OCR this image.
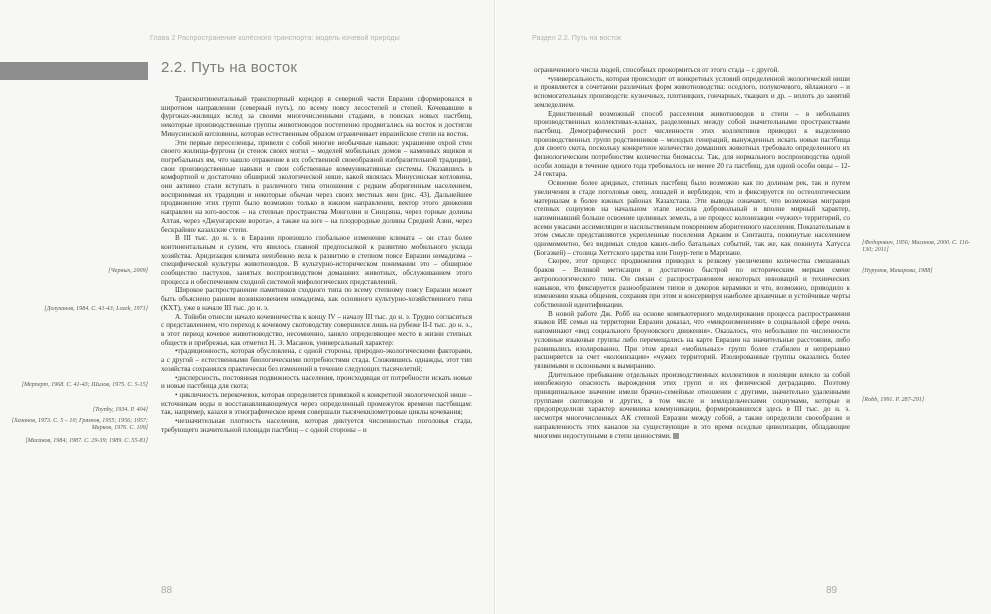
Глава 2 Распространение колёсного транспорта: модель кочевой природы
2.2. Путь на восток
[Черных, 2009]
[Долуханов, 1984. С. 41-43; Lozek, 1971]
[Мерперт, 1968. С. 41-43; Шилов, 1975. С. 5-15]
[Toynby, 1934. P. 404]
[Хазанов, 1973. С. 5 – 10; Грязнов, 1955; 1956; 1957; Марков, 1976. С. 109]
[Масанов, 1984; 1987. С. 29-39; 1989. С. 55-81]

Трансконтинентальный транспортный коридор в северной части Евразии сформировался в широтном направлении (северный путь), по всему поясу лесостепей и степей. Кочевавшие в фургонах-жилищах вслед за своими многочисленными стадами, в поисках новых пастбищ, некоторые производственные группы животноводов постепенно продвигались на восток и достигли Минусинской котловины, которая естественным образом ограничивает евразийские степи на восток.

Эти первые переселенцы, привели с собой многие необычные навыки: украшение охрой стен своего жилища-фургона (и стенок своих могил – моделей мобильных домов – каменных ящиков и погребальных ям, что нашло отражение в их собственной своеобразной изобразительной традиции), свои производственные навыки и свои собственные коммуникативные системы. Оказавшись в комфортной и достаточно обширной экологической нише, какой являлась Минусинская котловина, они активно стали вступать в различного типа отношения с редким аборигенным населением, воспринимая их традиции и некоторые обычаи через своих местных жен (рис. 43). Дальнейшее продвижение этих групп было возможно только в южном направлении, вектор этого движения направлен на юго-восток – на степные пространства Монголии и Синцзяна, через горные долины Алтая, через «Джунгарские ворота», а также на юге – на плодородные долины Средней Азии, через бескрайние казахские степи.

В III тыс. до н. э. в Евразии произошло глобальное изменение климата – он стал более континентальным и сухим, что явилось главной предпосылкой к развитию мобильного уклада хозяйства. Аридизация климата неизбежно вела к развитию в степном поясе Евразии номадизма – специфической культуры животноводов. В культурно-историческом понимании это – обширное сообщество пастухов, занятых воспроизводством домашних животных, обслуживанием этого процесса и обеспечением сходной системой мифологических представлений.

Широкое распространение памятников сходного типа по всему степному поясу Евразии может быть объяснено ранним возникновением номадизма, как основного культурно-хозяйственного типа (КХТ), уже в начале III тыс. до н. э.

А. Тойнби отнесли начало кочевничества к концу IV – началу III тыс. до н. э. Трудно согласиться с представлением, что переход к кочевому скотоводству совершился лишь на рубеже II-I тыс. до н. э., в этот период кочевое животноводство, несомненно, заняло определяющее место в жизни степных обществ и прибрежья, как отметил Н. Э. Масанов, универсальный характер:

•традиционность, которая обусловлена, с одной стороны, природно-экологическими факторами, а с другой – естественными биологическими потребностями стада. Сложившись однажды, этот тип хозяйства сохранялся практически без изменений в течение следующих тысячелетий;

•дисперсность, постоянная подвижность населения, происходящая от потребности искать новые и новые пастбища для скота;

• цикличность перекочевок, которая определяется привязкой к конкретной экологической нише – источникам воды и восстанавливающемуся через определенный промежуток времени пастбищам: так, например, казахи в этнографическое время совершали тысячекилометровые циклы кочевания;

•незначительная плотность населения, которая диктуется численностью поголовья стада, требующего значительной площади пастбищ – с одной стороны – и

88
Раздел 2.2. Путь на восток
[Федорович, 1956; Масанов, 2000. С. 116-130; 2011]
[Нурумов, Макарова, 1988]
[Robb, 1991. P. 287-291]

ограниченного числа людей, способных прокормиться от этого стада – с другой.

•универсальность, которая происходит от конкретных условий определенной экологической ниши и проявляется в сочетании различных форм животноводства: оседлого, полукочевого, яйлажного – и вспомогательных производств: кузнечных, плотницких, гончарных, ткацких и др. – вплоть до занятий земледелием.

Единственный возможный способ расселения животноводов в степи – в небольших производственных коллективах-кланах, разделенных между собой значительными пространствами пастбищ. Демографический рост численности этих коллективов приводил к выделению производственных групп родственников – молодых генераций, вынужденных искать новые пастбища для своего скота, поскольку конкретное количество домашних животных требовало определенного их физиологическим потребностям количества биомассы. Так, для нормального воспроизводства одной особи лошади в течение одного года требовалось не менее 20 га пастбищ, для одной особи овцы – 12-24 гектара.

Освоение более аридных, степных пастбищ было возможно как по долинам рек, так и путем увеличения в стаде поголовья овец, лошадей и верблюдов, что и фиксируется по остеологическим материалам в более южных районах Казахстана. Эти выводы означают, что возможная миграция степных социумов на начальном этапе носила добровольный и вполне мирный характер, напоминавший больше освоение целинных земель, а не процесс колонизации «чужих» территорий, со всеми ужасами ассимиляции и насильственным покорением аборигенного населения. Показательным в этом смысле представляются укрепленные поселения Аркаим и Синташта, покинутые населением одномоментно, без видимых следов каких-либо батальных событий, так же, как покинута Хатусса (Богазкей) – столица Хеттского царства или Гонур-тепе в Маргиане.

Скорее, этот процесс продвижения приводил к резкому увеличению количества смешанных браков – Великой метисации и достаточно быстрой по историческим меркам смене антропологического типа. Он связан с распространением некоторых инноваций и технических навыков, что фиксируется разнообразием типов и декоров керамики и что, возможно, приводило к изменению языка общения, сохраняя при этом и консервируя наиболее архаичные и устойчивые черты собственной идентификации.

В новой работе Дж. Робб на основе компьютерного моделирования процесса распространения языков ИЕ семьи на территории Евразии доказал, что «микроизменения» в социальной сфере очень напоминают «вид социального броуновского движения». Оказалось, что небольшие по численности условные языковые группы либо перемещались на карте Евразии на значительные расстояния, либо развивались изолированно. При этом ареал «мобильных» групп более стабилен и непрерывно расширяется за счет «колонизации» «чужих территорий. Изолированные группы оказались более уязвимыми и склонными к вымиранию.

Длительное пребывание отдельных производственных коллективов в изоляции влекло за собой неизбежную опасность вырождения этих групп и их физической деградацию. Поэтому принципиальное значение имели брачно-семейные отношения с другими, значительно удаленными группами скотоводов и других, в том числе и земледельческими социумами, которые и предопределили характер кочевника коммуникации, формировавшихся здесь в III тыс. до н. э. несмотря многочисленных АК степной Евразии между собой, а также определили своеобразие и направленность этих каналов на существующие в это время оседлые цивилизации, обладающие многими недоступными в степи ценностями.

89
